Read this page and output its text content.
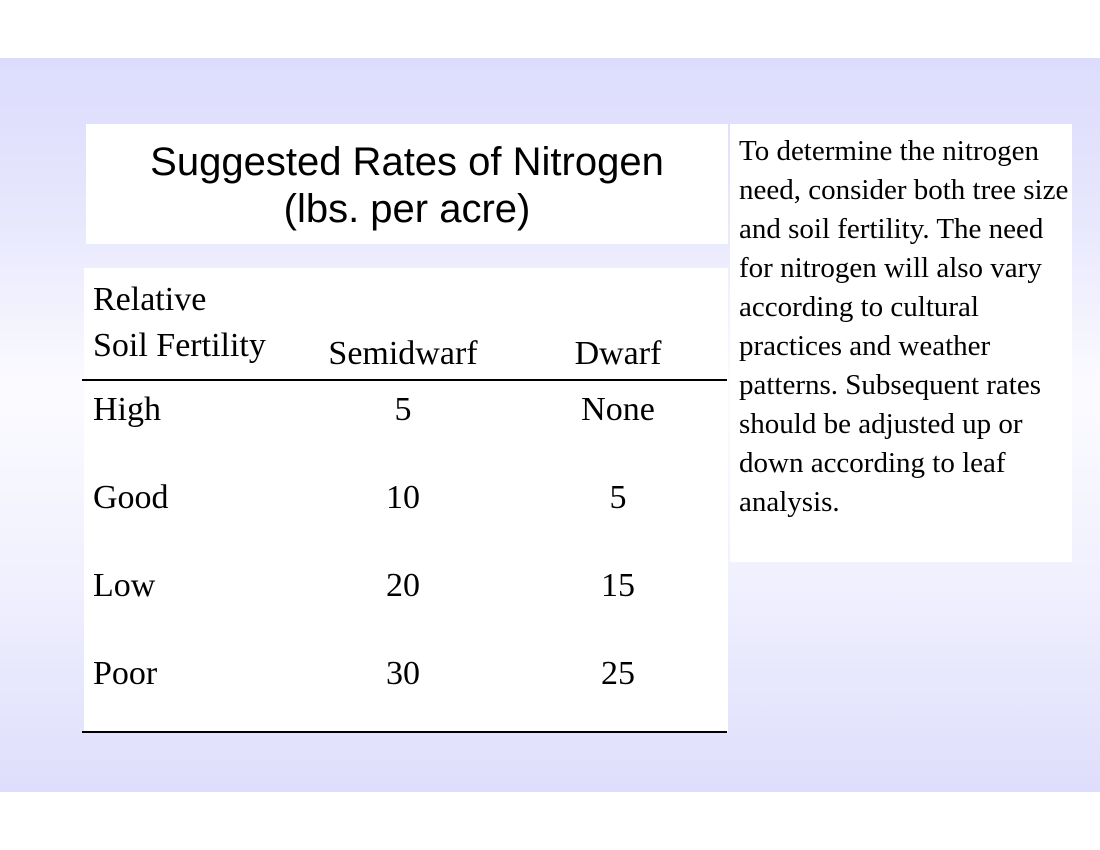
Suggested Rates of Nitrogen
(lbs. per acre)

To determine the nitrogen need, consider both tree size and soil fertility. The need for nitrogen will also vary according to cultural practices and weather patterns. Subsequent rates should be adjusted up or down according to leaf analysis.

Relative
Soil Fertility	Semidwarf	Dwarf
High	5	None
Good	10	5
Low	20	15
Poor	30	25
